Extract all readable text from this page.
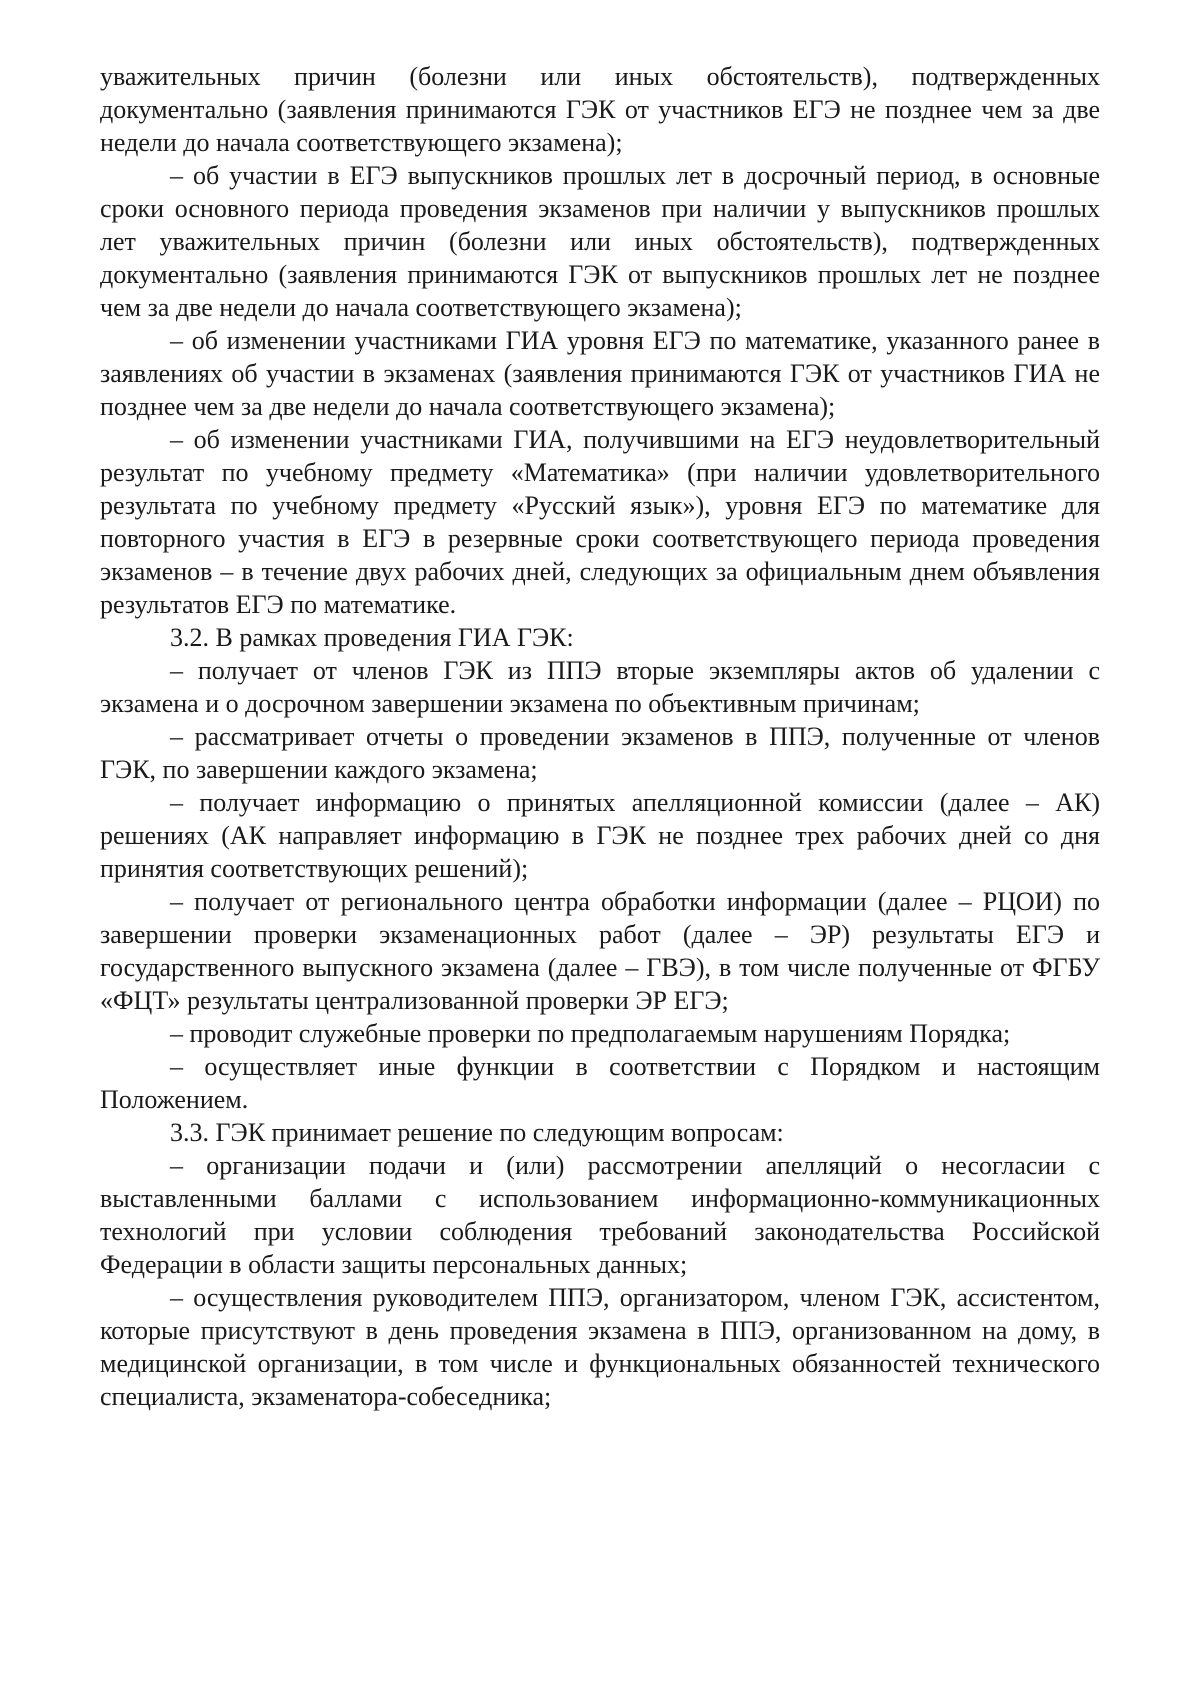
уважительных причин (болезни или иных обстоятельств), подтвержденных документально (заявления принимаются ГЭК от участников ЕГЭ не позднее чем за две недели до начала соответствующего экзамена);

– об участии в ЕГЭ выпускников прошлых лет в досрочный период, в основные сроки основного периода проведения экзаменов при наличии у выпускников прошлых лет уважительных причин (болезни или иных обстоятельств), подтвержденных документально (заявления принимаются ГЭК от выпускников прошлых лет не позднее чем за две недели до начала соответствующего экзамена);

– об изменении участниками ГИА уровня ЕГЭ по математике, указанного ранее в заявлениях об участии в экзаменах (заявления принимаются ГЭК от участников ГИА не позднее чем за две недели до начала соответствующего экзамена);

– об изменении участниками ГИА, получившими на ЕГЭ неудовлетворительный результат по учебному предмету «Математика» (при наличии удовлетворительного результата по учебному предмету «Русский язык»), уровня ЕГЭ по математике для повторного участия в ЕГЭ в резервные сроки соответствующего периода проведения экзаменов – в течение двух рабочих дней, следующих за официальным днем объявления результатов ЕГЭ по математике.

3.2. В рамках проведения ГИА ГЭК:

– получает от членов ГЭК из ППЭ вторые экземпляры актов об удалении с экзамена и о досрочном завершении экзамена по объективным причинам;

– рассматривает отчеты о проведении экзаменов в ППЭ, полученные от членов ГЭК, по завершении каждого экзамена;

– получает информацию о принятых апелляционной комиссии (далее – АК) решениях (АК направляет информацию в ГЭК не позднее трех рабочих дней со дня принятия соответствующих решений);

– получает от регионального центра обработки информации (далее – РЦОИ) по завершении проверки экзаменационных работ (далее – ЭР) результаты ЕГЭ и государственного выпускного экзамена (далее – ГВЭ), в том числе полученные от ФГБУ «ФЦТ» результаты централизованной проверки ЭР ЕГЭ;

– проводит служебные проверки по предполагаемым нарушениям Порядка;

– осуществляет иные функции в соответствии с Порядком и настоящим Положением.

3.3. ГЭК принимает решение по следующим вопросам:

– организации подачи и (или) рассмотрении апелляций о несогласии с выставленными баллами с использованием информационно-коммуникационных технологий при условии соблюдения требований законодательства Российской Федерации в области защиты персональных данных;

– осуществления руководителем ППЭ, организатором, членом ГЭК, ассистентом, которые присутствуют в день проведения экзамена в ППЭ, организованном на дому, в медицинской организации, в том числе и функциональных обязанностей технического специалиста, экзаменатора-собеседника;
